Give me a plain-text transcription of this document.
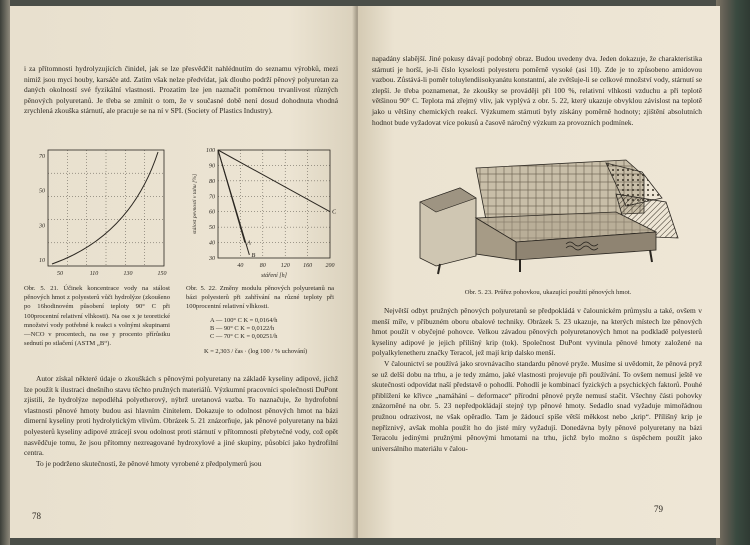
i za přítomnosti hydrolyzujících činidel, jak se lze přesvědčit nahlédnutím do seznamu výrobků, mezi nimiž jsou mycí houby, karsáče atd. Zatím však nelze předvídat, jak dlouho podrží pěnový polyuretan za daných okolností své fyzikální vlastnosti. Prozatím lze jen naznačit poměrnou trvanlivost různých pěnových polyuretanů. Je třeba se zmínit o tom, že v současné době není dosud dohodnuta vhodná zrychlená zkouška stárnutí, ale pracuje se na ní v SPI. (Society of Plastics Industry).

70
50
30
10
50	110	130	150

Obr. 5. 21. Účinek koncentrace vody na stálost pěnových hmot z polyesterů vůči hydrolýze (zkoušeno po 16hodinovém působení teploty 90° C při 100procentní relativní vlhkosti). Na ose x je teoretické množství vody potřebné k reakci s volnými skupinami —NCO v procentech, na ose y procento přírůstku sednutí po stlačení (ASTM „B“).

100
90
80
70
60
50
40
30
40	80 120 160 200
stáření [h]
stálost pevnosti v tahu [%]
A
B
C

Obr. 5. 22. Změny modulu pěnových polyuretanů na bázi polyesterů při zahřívání na různé teploty při 100procentní relativní vlhkosti.

A — 100° C K = 0,0164/h
B — 90° C K = 0,0122/h
C — 70° C K = 0,00251/h
K = 2,303 / čas · (log 100 / % uchování)

Autor získal některé údaje o zkouškách s pěnovými polyuretany na základě kyseliny adipové, jichž lze použít k ilustraci dnešního stavu těchto pružných materiálů. Výzkumní pracovníci společnosti DuPont zjistili, že hydrolýze nepodléhá polyetherový, nýbrž uretanová vazba. To naznačuje, že hydrofobní vlastnosti pěnové hmoty budou asi hlavním činitelem. Dokazuje to odolnost pěnových hmot na bázi dimerní kyseliny proti hydrolytickým vlivům. Obrázek 5. 21 znázorňuje, jak pěnové polyuretany na bázi polyesterů kyseliny adipové ztrácejí svou odolnost proti stárnutí v přítomnosti přebytečné vody, což opět nasvědčuje tomu, že jsou přítomny nezreagované hydroxylové a jiné skupiny, působící jako hydrofilní centra.

To je podrženo skutečností, že pěnové hmoty vyrobené z předpolymerů jsou

78

napadány slabější. Jiné pokusy dávají podobný obraz. Budou uvedeny dva. Jeden dokazuje, že charakteristika stárnutí je horší, je-li číslo kyselosti polyesteru poměrně vysoké (asi 10). Zde je to způsobeno amidovou vazbou. Zůstává-li poměr toluylendiisokyanátu konstantní, ale zvětšuje-li se celkové množství vody, stárnutí se zlepší. Je třeba poznamenat, že zkoušky se prováději při 100 %, relativní vlhkosti vzduchu a při teplotě většinou 90° C. Teplota má zřejmý vliv, jak vyplývá z obr. 5. 22, který ukazuje obvyklou závislost na teplotě jako u většiny chemických reakcí. Výzkumem stárnutí byly získány poměrně hodnoty; zjištění absolutních hodnot bude vyžadovat více pokusů a časově náročný výzkum za provozních podmínek.

Obr. 5. 23. Průřez pohovkou, ukazující použití pěnových hmot.

Největší odbyt pružných pěnových polyuretanů se předpokládá v čalounickém průmyslu a také, ovšem v menší míře, v příbuzném oboru obalové techniky. Obrázek 5. 23 ukazuje, na kterých místech lze pěnových hmot použít v obyčejné pohovce. Velkou závadou pěnových polyuretanových hmot na podkladě polyesterů kyseliny adipové je jejich přílišný krip (tok). Společnost DuPont vyvinula pěnové hmoty založené na polyalkylenetheru značky Teracol, jež mají krip dalsko menší.

V čalounictví se používá jako srovnávacího standardu pěnové pryže. Musíme si uvědomit, že pěnová pryž se už delší dobu na trhu, a je tedy známo, jaké vlastnosti projevuje při používání. To ovšem nemusí ještě ve skutečnosti odpovídat naší představě o pohodlí. Pohodlí je kombinací fyzických a psychických faktorů. Pouhé přiblížení ke křivce „namáhání – deformace“ přírodní pěnové pryže nemusí stačit. Všechny části pohovky znázorněné na obr. 5. 23 nepředpokládají stejný typ pěnové hmoty. Sedadlo snad vyžaduje mimořádnou pružnou odrazivost, ne však opěradlo. Tam je žádoucí spíše větší měkkost nebo „krip“. Přílišný krip je nepříznivý, avšak mohla použít ho do jisté míry vyžadují. Donedávna byly pěnové polyuretany na bázi Teracolu jedinými pružnými pěnovými hmotami na trhu, jichž bylo možno s úspěchem použít jako universálního materiálu v čalou-

79
